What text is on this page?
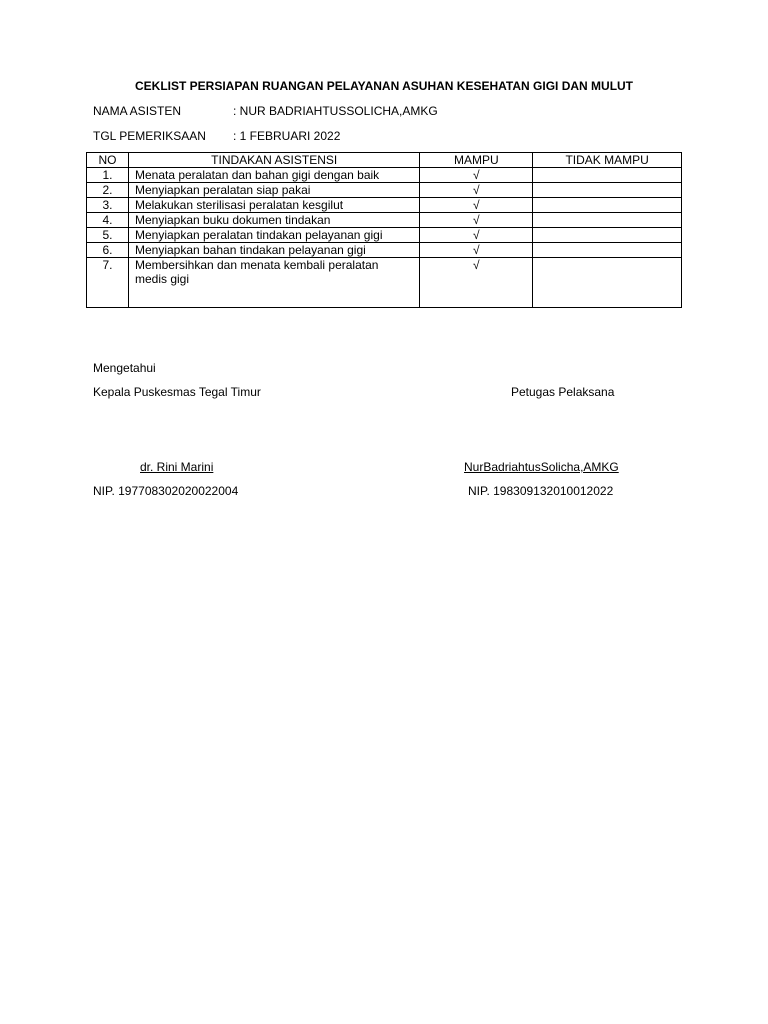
CEKLIST PERSIAPAN RUANGAN PELAYANAN ASUHAN KESEHATAN GIGI DAN MULUT
NAMA ASISTEN	: NUR BADRIAHTUSSOLICHA,AMKG
TGL PEMERIKSAAN : 1 FEBRUARI 2022
NO	TINDAKAN ASISTENSI	MAMPU	TIDAK MAMPU
1.	Menata peralatan dan bahan gigi dengan baik	√	
2.	Menyiapkan peralatan siap pakai	√	
3.	Melakukan sterilisasi peralatan kesgilut	√	
4.	Menyiapkan buku dokumen tindakan	√	
5.	Menyiapkan peralatan tindakan pelayanan gigi	√	
6.	Menyiapkan bahan tindakan pelayanan gigi	√	
7.	Membersihkan dan menata kembali peralatan medis gigi	√	
Mengetahui
Kepala Puskesmas Tegal Timur	Petugas Pelaksana
dr. Rini Marini	NurBadriahtusSolicha,AMKG
NIP. 197708302020022004	NIP. 198309132010012022
